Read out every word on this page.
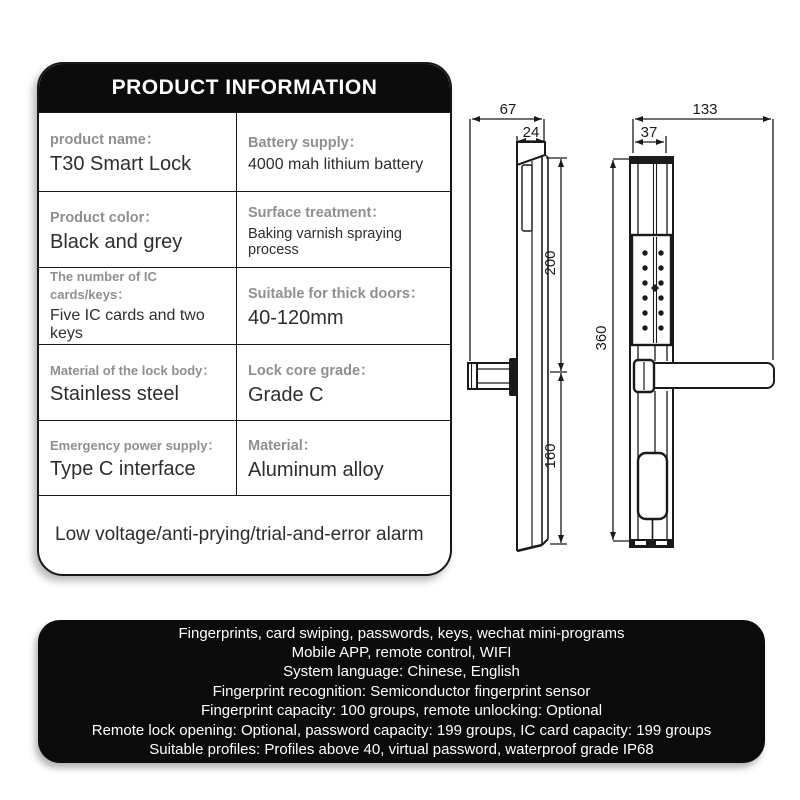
PRODUCT INFORMATION
product name：
T30 Smart Lock
Battery supply：
4000 mah lithium battery
Product color：
Black and grey
Surface treatment：
Baking varnish spraying process
The number of IC cards/keys：
Five IC cards and two keys
Suitable for thick doors：
40-120mm
Material of the lock body：
Stainless steel
Lock core grade：
Grade C
Emergency power supply：
Type C interface
Material：
Aluminum alloy
Low voltage/anti-prying/trial-and-error alarm
67
24
200
160
133
37
360
Fingerprints, card swiping, passwords, keys, wechat mini-programs
Mobile APP, remote control, WIFI
System language: Chinese, English
Fingerprint recognition: Semiconductor fingerprint sensor
Fingerprint capacity: 100 groups, remote unlocking: Optional
Remote lock opening: Optional, password capacity: 199 groups, IC card capacity: 199 groups
Suitable profiles: Profiles above 40, virtual password, waterproof grade IP68
